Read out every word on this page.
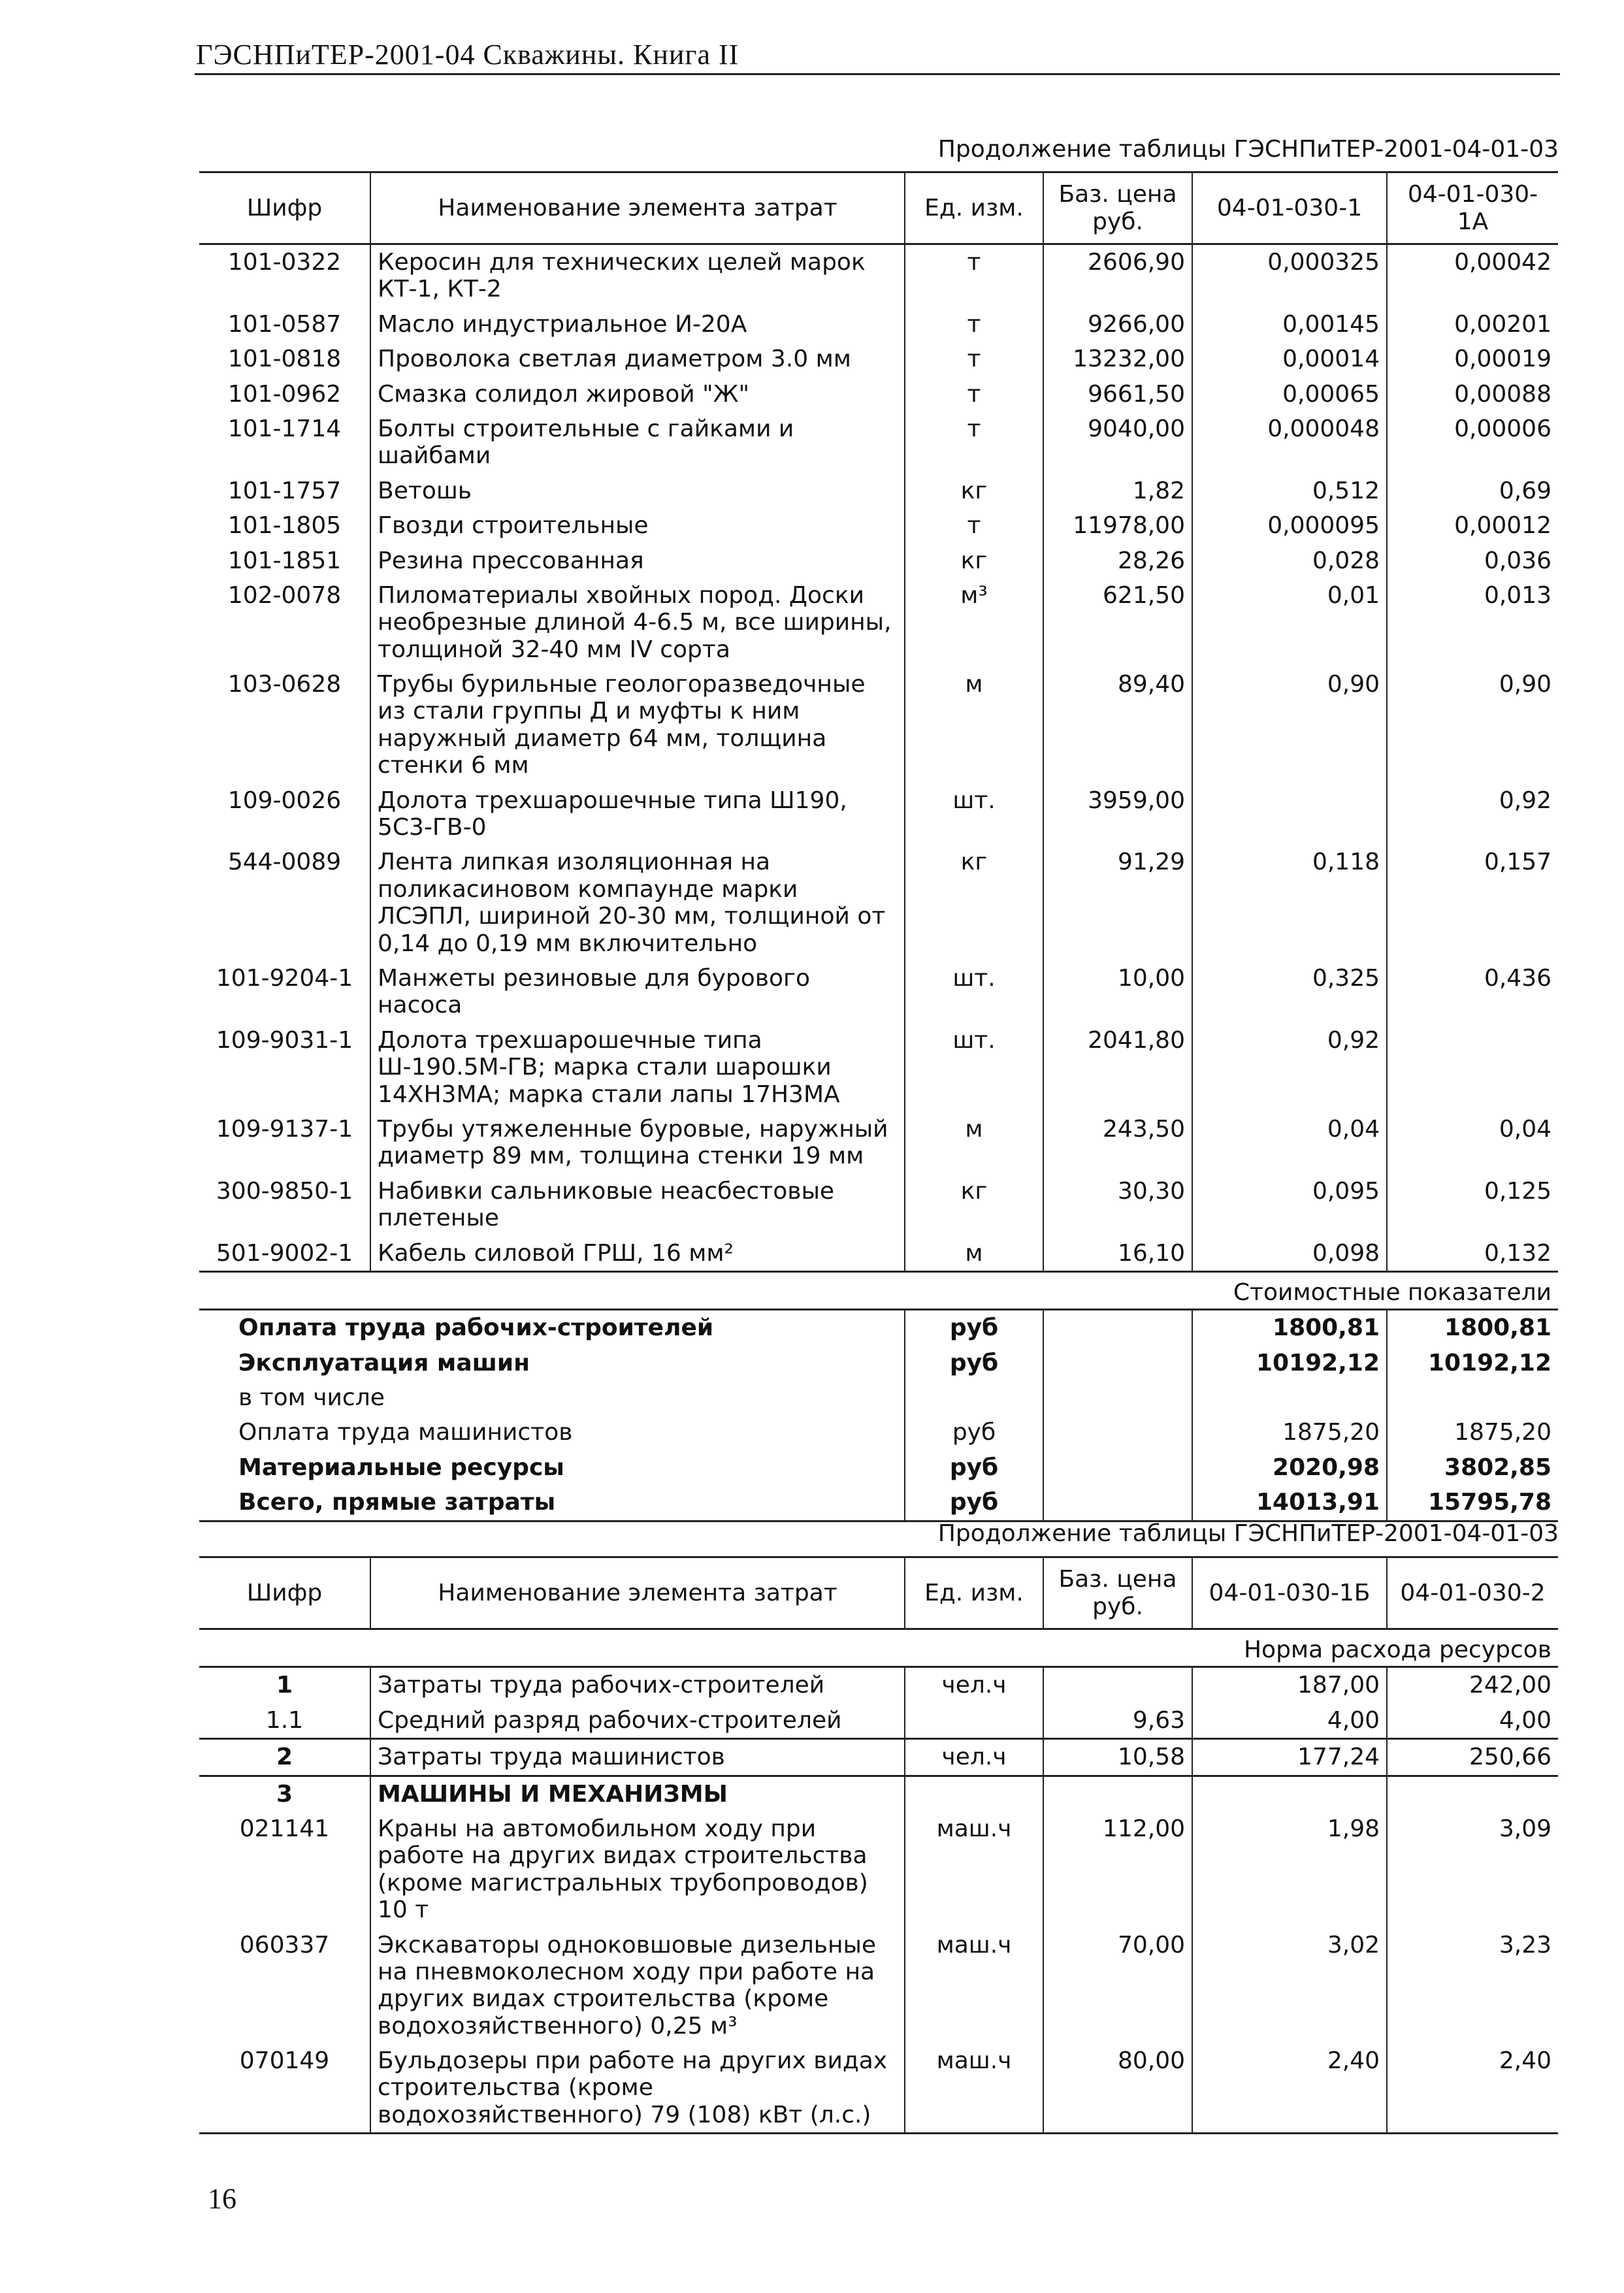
ГЭСНПиТЕР-2001-04 Скважины. Книга II
Продолжение таблицы ГЭСНПиТЕР-2001-04-01-03
Шифр	Наименование элемента затрат	Ед. изм.	Баз. цена руб.	04-01-030-1	04-01-030-1А
101-0322	Керосин для технических целей марок КТ-1, КТ-2	т	2606,90	0,000325	0,00042
101-0587	Масло индустриальное И-20А	т	9266,00	0,00145	0,00201
101-0818	Проволока светлая диаметром 3.0 мм	т	13232,00	0,00014	0,00019
101-0962	Смазка солидол жировой "Ж"	т	9661,50	0,00065	0,00088
101-1714	Болты строительные с гайками и шайбами	т	9040,00	0,000048	0,00006
101-1757	Ветошь	кг	1,82	0,512	0,69
101-1805	Гвозди строительные	т	11978,00	0,000095	0,00012
101-1851	Резина прессованная	кг	28,26	0,028	0,036
102-0078	Пиломатериалы хвойных пород. Доски необрезные длиной 4-6.5 м, все ширины, толщиной 32-40 мм IV сорта	м³	621,50	0,01	0,013
103-0628	Трубы бурильные геологоразведочные из стали группы Д и муфты к ним наружный диаметр 64 мм, толщина стенки 6 мм	м	89,40	0,90	0,90
109-0026	Долота трехшарошечные типа Ш190, 5С3-ГВ-0	шт.	3959,00		0,92
544-0089	Лента липкая изоляционная на поликасиновом компаунде марки ЛСЭПЛ, шириной 20-30 мм, толщиной от 0,14 до 0,19 мм включительно	кг	91,29	0,118	0,157
101-9204-1	Манжеты резиновые для бурового насоса	шт.	10,00	0,325	0,436
109-9031-1	Долота трехшарошечные типа Ш-190.5М-ГВ; марка стали шарошки 14ХН3МА; марка стали лапы 17Н3МА	шт.	2041,80	0,92	
109-9137-1	Трубы утяжеленные буровые, наружный диаметр 89 мм, толщина стенки 19 мм	м	243,50	0,04	0,04
300-9850-1	Набивки сальниковые неасбестовые плетеные	кг	30,30	0,095	0,125
501-9002-1	Кабель силовой ГРШ, 16 мм²	м	16,10	0,098	0,132
Стоимостные показатели					
Оплата труда рабочих-строителей		руб		1800,81	1800,81
Эксплуатация машин		руб		10192,12	10192,12
в том числе					
Оплата труда машинистов		руб		1875,20	1875,20
Материальные ресурсы		руб		2020,98	3802,85
Всего, прямые затраты		руб		14013,91	15795,78
Продолжение таблицы ГЭСНПиТЕР-2001-04-01-03
Шифр	Наименование элемента затрат	Ед. изм.	Баз. цена руб.	04-01-030-1Б	04-01-030-2
Норма расхода ресурсов					
1	Затраты труда рабочих-строителей	чел.ч		187,00	242,00
1.1	Средний разряд рабочих-строителей		9,63	4,00	4,00
2	Затраты труда машинистов	чел.ч	10,58	177,24	250,66
3	МАШИНЫ И МЕХАНИЗМЫ				
021141	Краны на автомобильном ходу при работе на других видах строительства (кроме магистральных трубопроводов) 10 т	маш.ч	112,00	1,98	3,09
060337	Экскаваторы одноковшовые дизельные на пневмоколесном ходу при работе на других видах строительства (кроме водохозяйственного) 0,25 м³	маш.ч	70,00	3,02	3,23
070149	Бульдозеры при работе на других видах строительства (кроме водохозяйственного) 79 (108) кВт (л.с.)	маш.ч	80,00	2,40	2,40
16
